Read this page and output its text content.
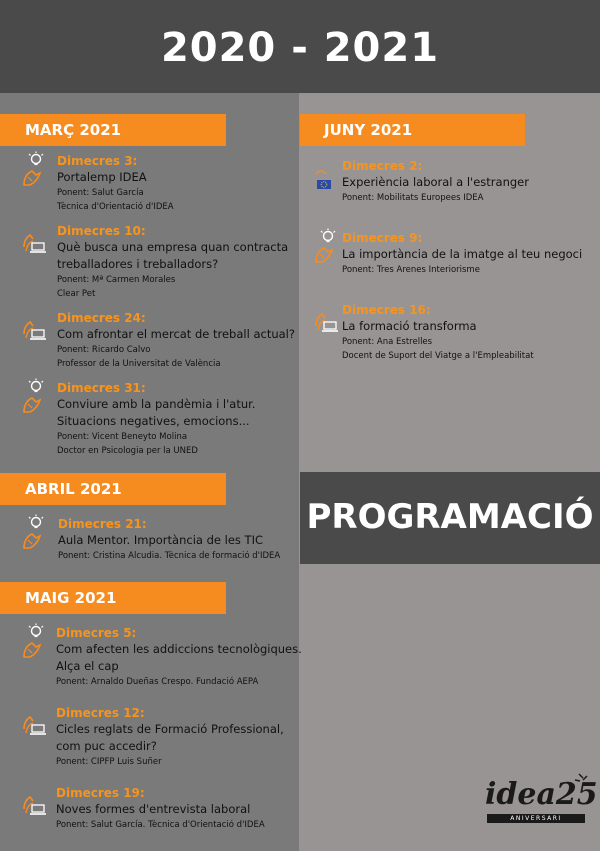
2020 - 2021
MARÇ 2021	JUNY 2021
ABRIL 2021
MAIG 2021
Dimecres 3:
Portalemp IDEA
Ponent: Salut García
Tècnica d'Orientació d'IDEA
Dimecres 10:
Què busca una empresa quan contracta
treballadores i treballadors?
Ponent: Mª Carmen Morales
Clear Pet
Dimecres 24:
Com afrontar el mercat de treball actual?
Ponent: Ricardo Calvo
Professor de la Universitat de València
Dimecres 31:
Conviure amb la pandèmia i l'atur.
Situacions negatives, emocions...
Ponent: Vicent Beneyto Molina
Doctor en Psicologia per la UNED
Dimecres 21:
Aula Mentor. Importància de les TIC
Ponent: Cristina Alcudia. Tècnica de formació d'IDEA
Dimecres 5:
Com afecten les addiccions tecnològiques.
Alça el cap
Ponent: Arnaldo Dueñas Crespo. Fundació AEPA
Dimecres 12:
Cicles reglats de Formació Professional,
com puc accedir?
Ponent: CIPFP Luis Suñer
Dimecres 19:
Noves formes d'entrevista laboral
Ponent: Salut García. Tècnica d'Orientació d'IDEA
Dimecres 2:
Experiència laboral a l'estranger
Ponent: Mobilitats Europees IDEA
Dimecres 9:
La importància de la imatge al teu negoci
Ponent: Tres Arenes Interiorisme
Dimecres 16:
La formació transforma
Ponent: Ana Estrelles
Docent de Suport del Viatge a l'Empleabilitat
PROGRAMACIÓ
idea25
ANIVERSARI
